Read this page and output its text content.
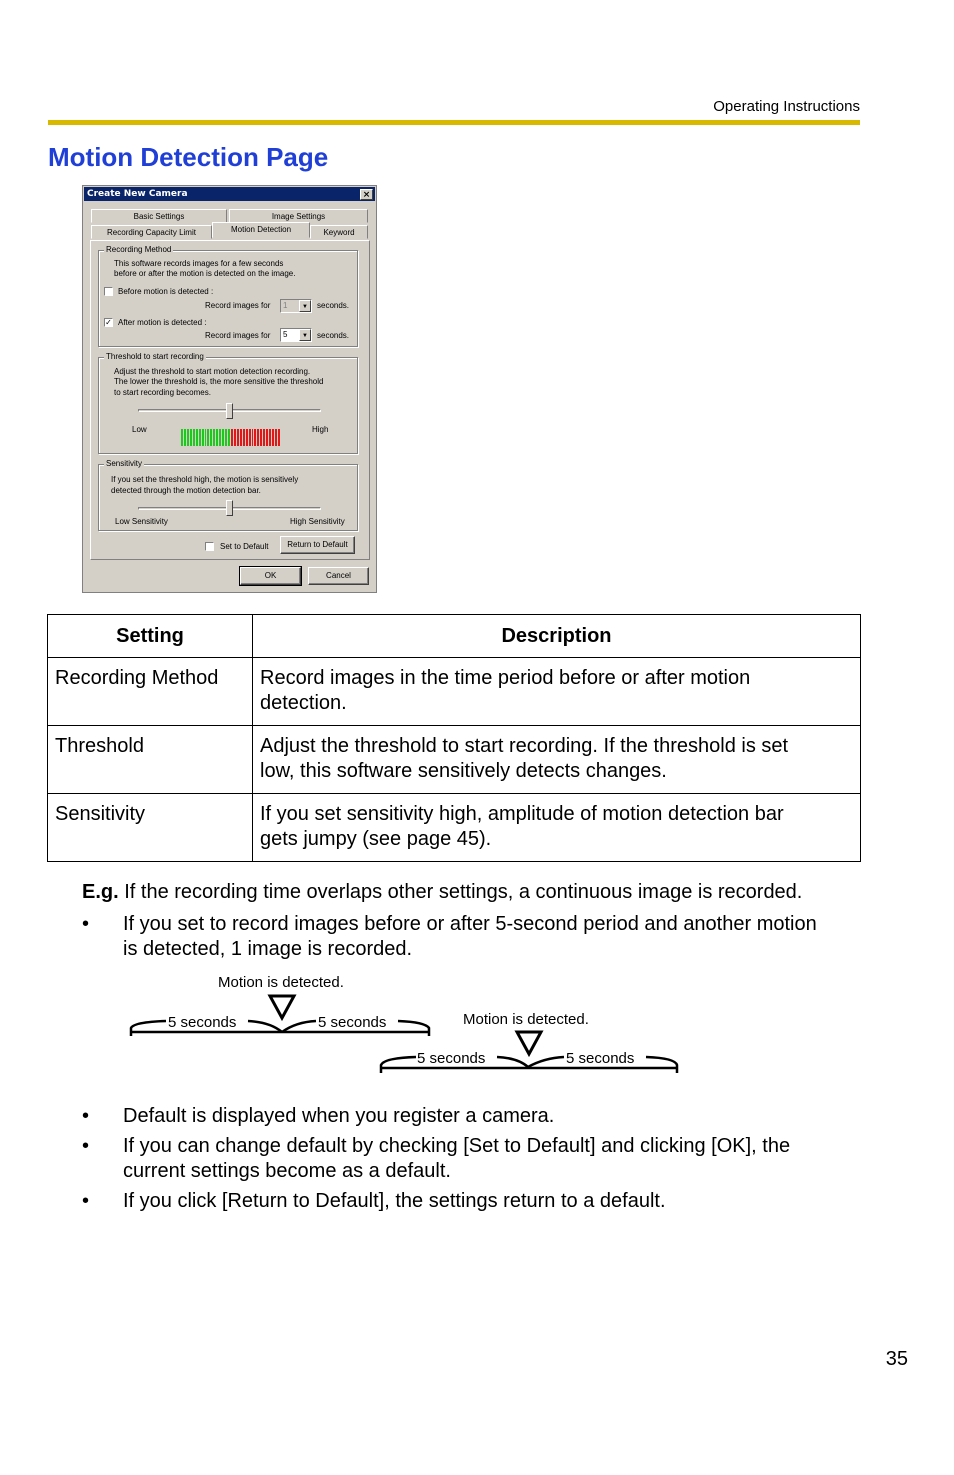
Operating Instructions
Motion Detection Page
Create New Camera	×
Basic Settings	Image Settings
Recording Capacity Limit	Motion Detection	Keyword
Recording Method
This software records images for a few seconds
before or after the motion is detected on the image.
Before motion is detected :
Record images for	1	▼	seconds.
✓ After motion is detected :
Record images for	5	▼	seconds.
Threshold to start recording
Adjust the threshold to start motion detection recording.
The lower the threshold is, the more sensitive the threshold
to start recording becomes.
Low	High
Sensitivity
If you set the threshold high, the motion is sensitively
detected through the motion detection bar.
Low Sensitivity	High Sensitivity
Set to Default	Return to Default
OK	Cancel
Setting	Description
Recording Method	Record images in the time period before or after motion
detection.

Threshold	Adjust the threshold to start recording. If the threshold is set
low, this software sensitively detects changes.

Sensitivity	If you set sensitivity high, amplitude of motion detection bar
gets jumpy (see page 45).
E.g. If the recording time overlaps other settings, a continuous image is recorded.
• If you set to record images before or after 5-second period and another motion
is detected, 1 image is recorded.
Motion is detected.
5 seconds	5 seconds	Motion is detected.
5 seconds	5 seconds
• Default is displayed when you register a camera.
• If you can change default by checking [Set to Default] and clicking [OK], the
current settings become as a default.
• If you click [Return to Default], the settings return to a default.
35
